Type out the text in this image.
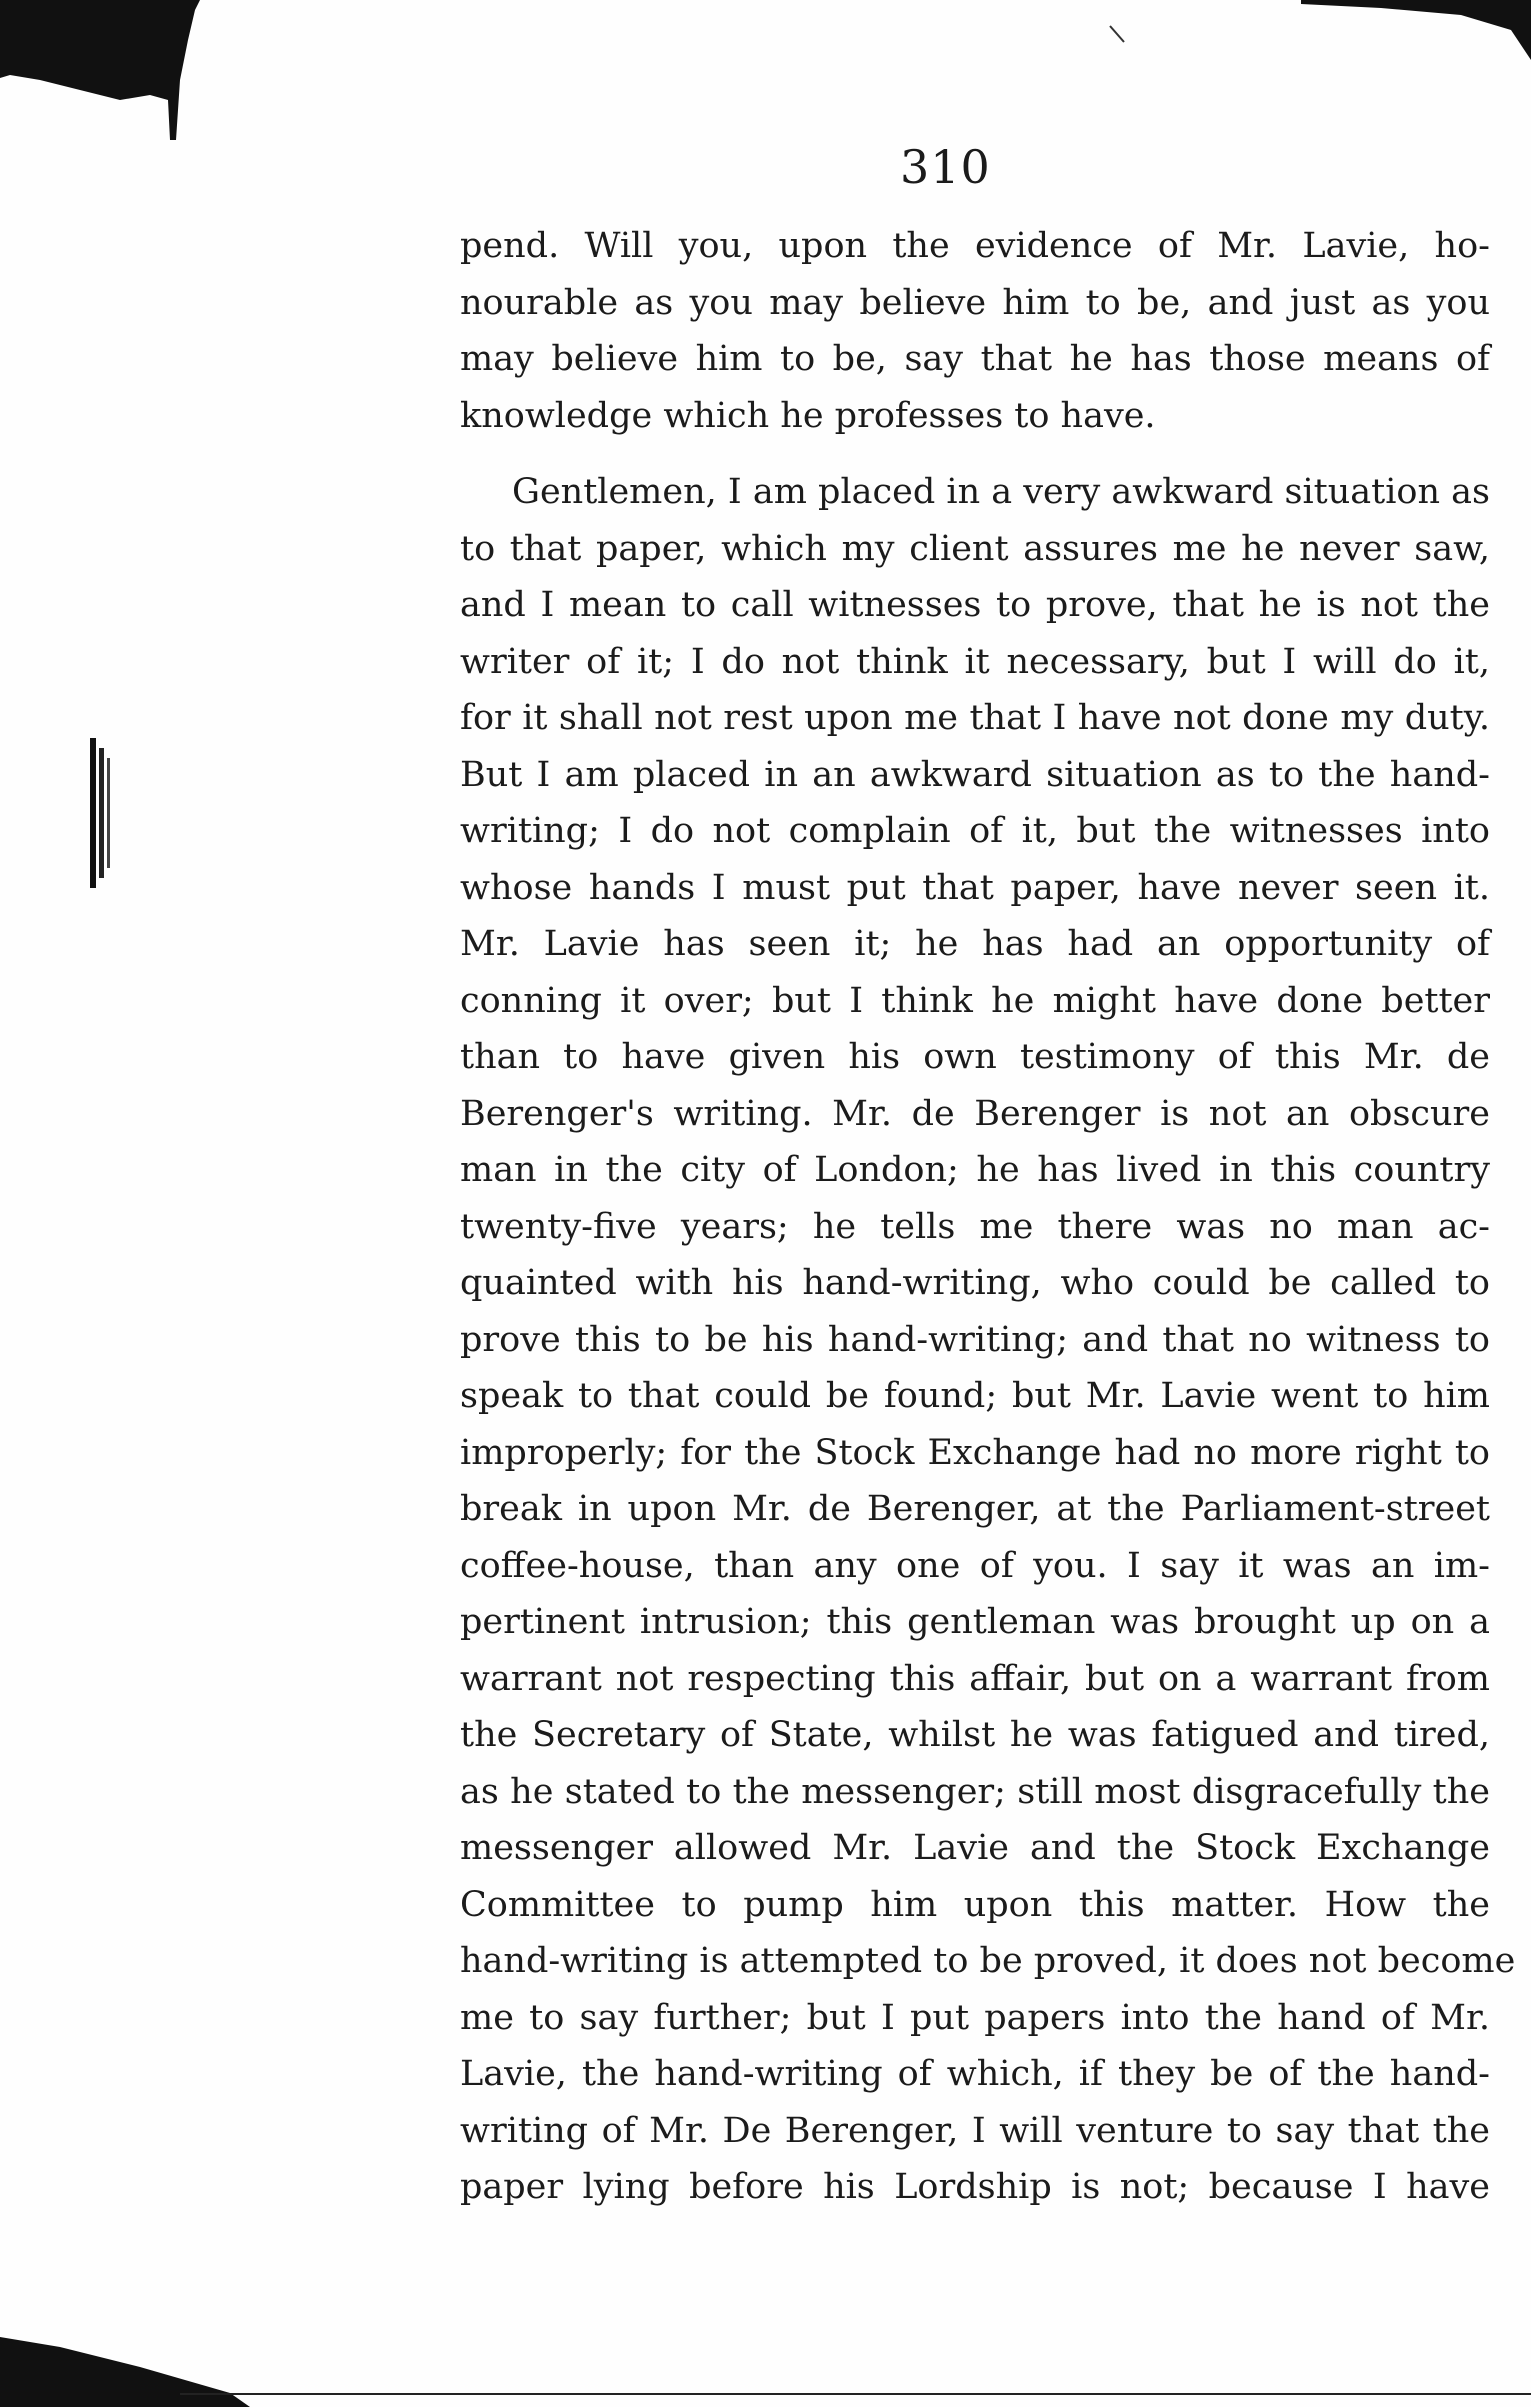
310
pend. Will you, upon the evidence of Mr. Lavie, ho-
nourable as you may believe him to be, and just as you
may believe him to be, say that he has those means of
knowledge which he professes to have.
Gentlemen, I am placed in a very awkward situation as
to that paper, which my client assures me he never saw,
and I mean to call witnesses to prove, that he is not the
writer of it; I do not think it necessary, but I will do it,
for it shall not rest upon me that I have not done my duty.
But I am placed in an awkward situation as to the hand-
writing; I do not complain of it, but the witnesses into
whose hands I must put that paper, have never seen it.
Mr. Lavie has seen it; he has had an opportunity of
conning it over; but I think he might have done better
than to have given his own testimony of this Mr. de
Berenger's writing. Mr. de Berenger is not an obscure
man in the city of London; he has lived in this country
twenty-five years; he tells me there was no man ac-
quainted with his hand-writing, who could be called to
prove this to be his hand-writing; and that no witness to
speak to that could be found; but Mr. Lavie went to him
improperly; for the Stock Exchange had no more right to
break in upon Mr. de Berenger, at the Parliament-street
coffee-house, than any one of you. I say it was an im-
pertinent intrusion; this gentleman was brought up on a
warrant not respecting this affair, but on a warrant from
the Secretary of State, whilst he was fatigued and tired,
as he stated to the messenger; still most disgracefully the
messenger allowed Mr. Lavie and the Stock Exchange
Committee to pump him upon this matter. How the
hand-writing is attempted to be proved, it does not become
me to say further; but I put papers into the hand of Mr.
Lavie, the hand-writing of which, if they be of the hand-
writing of Mr. De Berenger, I will venture to say that the
paper lying before his Lordship is not; because I have
